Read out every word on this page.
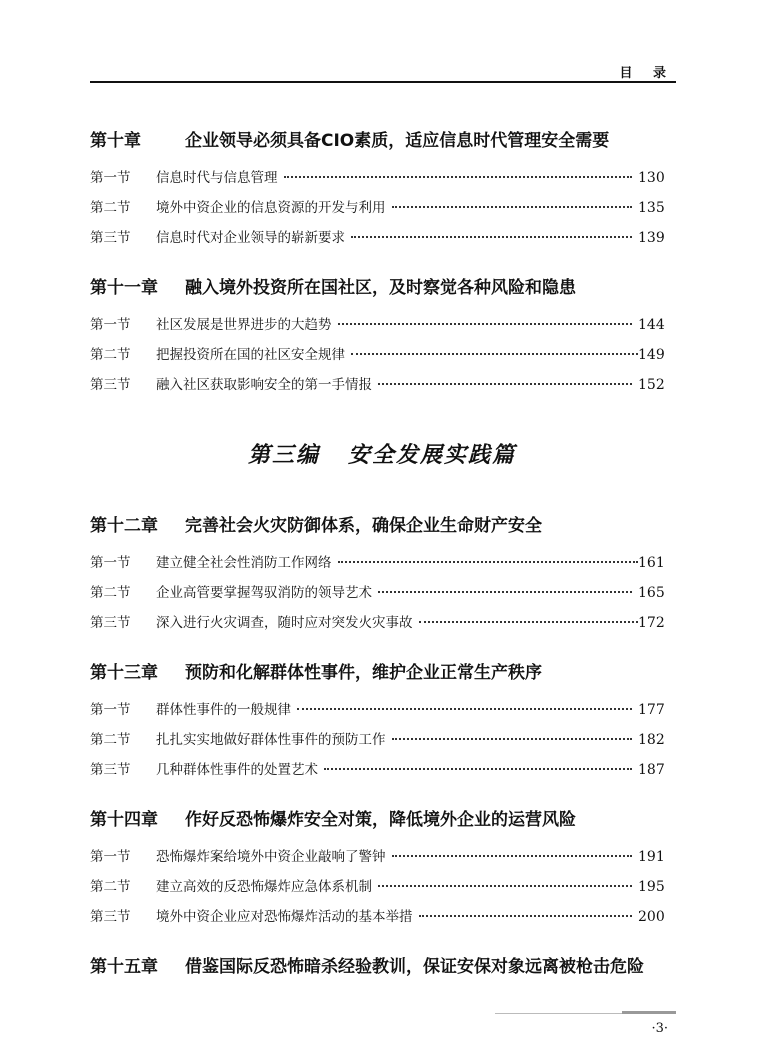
目 录
第十章	企业领导必须具备CIO素质，适应信息时代管理安全需要
第一节	信息时代与信息管理	130
第二节	境外中资企业的信息资源的开发与利用	135
第三节	信息时代对企业领导的崭新要求	139
第十一章 融入境外投资所在国社区，及时察觉各种风险和隐患
第一节	社区发展是世界进步的大趋势	144
第二节	把握投资所在国的社区安全规律	149
第三节	融入社区获取影响安全的第一手情报	152
第三编 安全发展实践篇
第十二章 完善社会火灾防御体系，确保企业生命财产安全
第一节	建立健全社会性消防工作网络	161
第二节	企业高管要掌握驾驭消防的领导艺术	165
第三节	深入进行火灾调查，随时应对突发火灾事故	172
第十三章 预防和化解群体性事件，维护企业正常生产秩序
第一节	群体性事件的一般规律	177
第二节	扎扎实实地做好群体性事件的预防工作	182
第三节	几种群体性事件的处置艺术	187
第十四章 作好反恐怖爆炸安全对策，降低境外企业的运营风险
第一节	恐怖爆炸案给境外中资企业敲响了警钟	191
第二节	建立高效的反恐怖爆炸应急体系机制	195
第三节	境外中资企业应对恐怖爆炸活动的基本举措	200
第十五章 借鉴国际反恐怖暗杀经验教训，保证安保对象远离被枪击危险
·3·
